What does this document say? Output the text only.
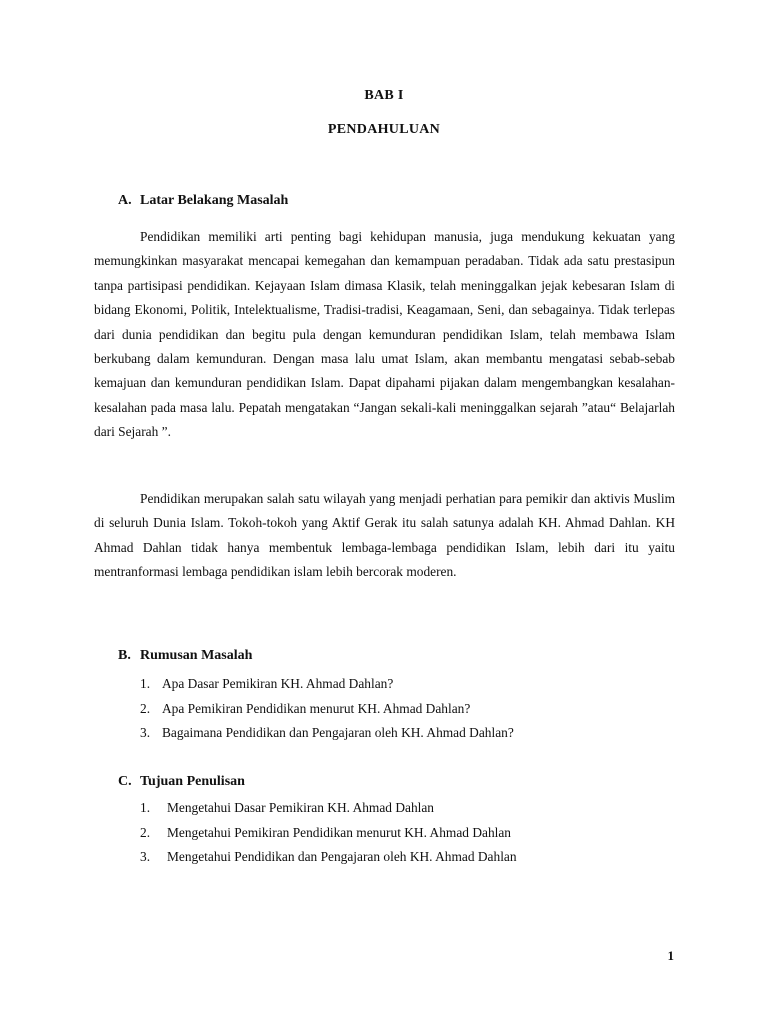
BAB I
PENDAHULUAN
A. Latar Belakang Masalah

Pendidikan memiliki arti penting bagi kehidupan manusia, juga mendukung kekuatan yang memungkinkan masyarakat mencapai kemegahan dan kemampuan peradaban. Tidak ada satu prestasipun tanpa partisipasi pendidikan. Kejayaan Islam dimasa Klasik, telah meninggalkan jejak kebesaran Islam di bidang Ekonomi, Politik, Intelektualisme, Tradisi-tradisi, Keagamaan, Seni, dan sebagainya. Tidak terlepas dari dunia pendidikan dan begitu pula dengan kemunduran pendidikan Islam, telah membawa Islam berkubang dalam kemunduran. Dengan masa lalu umat Islam, akan membantu mengatasi sebab-sebab kemajuan dan kemunduran pendidikan Islam. Dapat dipahami pijakan dalam mengembangkan kesalahan-kesalahan pada masa lalu. Pepatah mengatakan “Jangan sekali-kali meninggalkan sejarah ”atau“ Belajarlah dari Sejarah ”.

Pendidikan merupakan salah satu wilayah yang menjadi perhatian para pemikir dan aktivis Muslim di seluruh Dunia Islam. Tokoh-tokoh yang Aktif Gerak itu salah satunya adalah KH. Ahmad Dahlan. KH Ahmad Dahlan tidak hanya membentuk lembaga-lembaga pendidikan Islam, lebih dari itu yaitu mentranformasi lembaga pendidikan islam lebih bercorak moderen.

B. Rumusan Masalah
1. Apa Dasar Pemikiran KH. Ahmad Dahlan?
2. Apa Pemikiran Pendidikan menurut KH. Ahmad Dahlan?
3. Bagaimana Pendidikan dan Pengajaran oleh KH. Ahmad Dahlan?
C. Tujuan Penulisan
1. Mengetahui Dasar Pemikiran KH. Ahmad Dahlan
2. Mengetahui Pemikiran Pendidikan menurut KH. Ahmad Dahlan
3. Mengetahui Pendidikan dan Pengajaran oleh KH. Ahmad Dahlan
1
